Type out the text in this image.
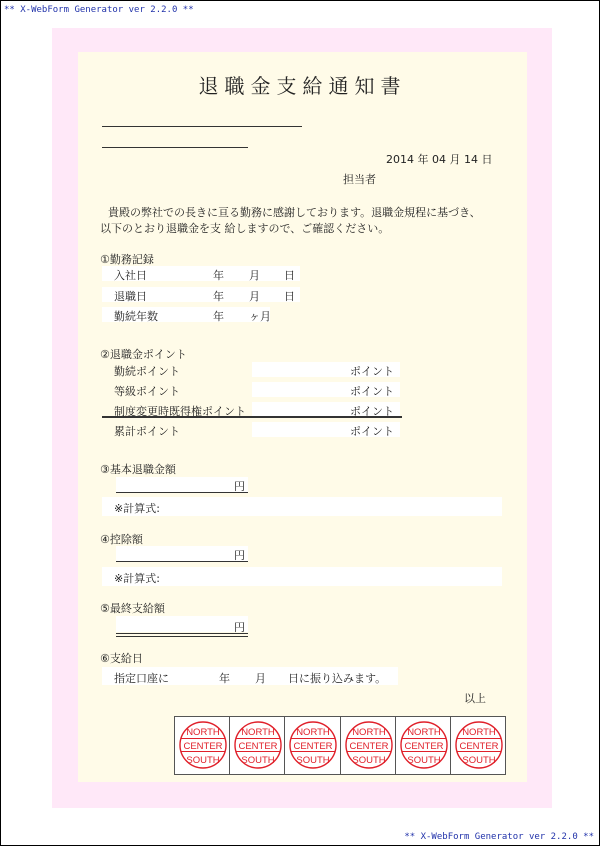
** X-WebForm Generator ver 2.2.0 **
** X-WebForm Generator ver 2.2.0 **
退職金支給通知書
2014 年 04 月 14 日
担当者
貴殿の弊社での長きに亘る勤務に感謝しております。退職金規程に基づき、
以下のとおり退職金を支 給しますので、ご確認ください。
①勤務記録
入社日	年 月 日
退職日	年 月 日
勤続年数	年 ヶ月
②退職金ポイント
勤続ポイント	ポイント
等級ポイント	ポイント
制度変更時既得権ポイント	ポイント
累計ポイント	ポイント
③基本退職金額
円
※計算式:
④控除額
円
※計算式:
⑤最終支給額
円
⑥支給日
指定口座に	年 月 日に振り込みます。
以上
NORTH
CENTER
SOUTH
NORTH
CENTER
SOUTH
NORTH
CENTER
SOUTH
NORTH
CENTER
SOUTH
NORTH
CENTER
SOUTH
NORTH
CENTER
SOUTH
